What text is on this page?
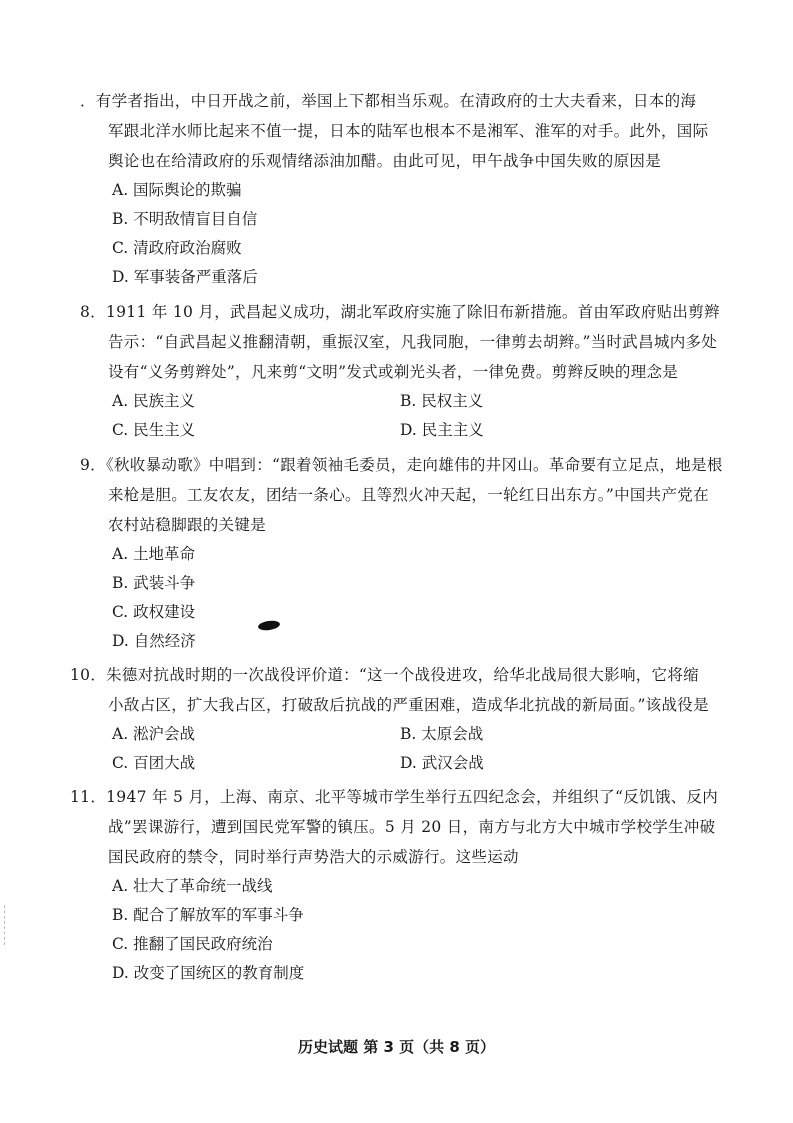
．有学者指出，中日开战之前，举国上下都相当乐观。在清政府的士大夫看来，日本的海
军跟北洋水师比起来不值一提，日本的陆军也根本不是湘军、淮军的对手。此外，国际
舆论也在给清政府的乐观情绪添油加醋。由此可见，甲午战争中国失败的原因是
A. 国际舆论的欺骗
B. 不明敌情盲目自信
C. 清政府政治腐败
D. 军事装备严重落后
8．1911 年 10 月，武昌起义成功，湖北军政府实施了除旧布新措施。首由军政府贴出剪辫
告示：“自武昌起义推翻清朝，重振汉室，凡我同胞，一律剪去胡辫。”当时武昌城内多处
设有“义务剪辫处”，凡来剪“文明”发式或剃光头者，一律免费。剪辫反映的理念是
A. 民族主义	B. 民权主义
C. 民生主义	D. 民主主义
9．《秋收暴动歌》中唱到：“跟着领袖毛委员，走向雄伟的井冈山。革命要有立足点，地是根
来枪是胆。工友农友，团结一条心。且等烈火冲天起，一轮红日出东方。”中国共产党在
农村站稳脚跟的关键是
A. 土地革命
B. 武装斗争
C. 政权建设
D. 自然经济
10．朱德对抗战时期的一次战役评价道：“这一个战役进攻，给华北战局很大影响，它将缩
小敌占区，扩大我占区，打破敌后抗战的严重困难，造成华北抗战的新局面。”该战役是
A. 淞沪会战	B. 太原会战
C. 百团大战	D. 武汉会战
11．1947 年 5 月，上海、南京、北平等城市学生举行五四纪念会，并组织了“反饥饿、反内
战”罢课游行，遭到国民党军警的镇压。5 月 20 日，南方与北方大中城市学校学生冲破
国民政府的禁令，同时举行声势浩大的示威游行。这些运动
A. 壮大了革命统一战线
B. 配合了解放军的军事斗争
C. 推翻了国民政府统治
D. 改变了国统区的教育制度
历史试题 第 3 页（共 8 页）
